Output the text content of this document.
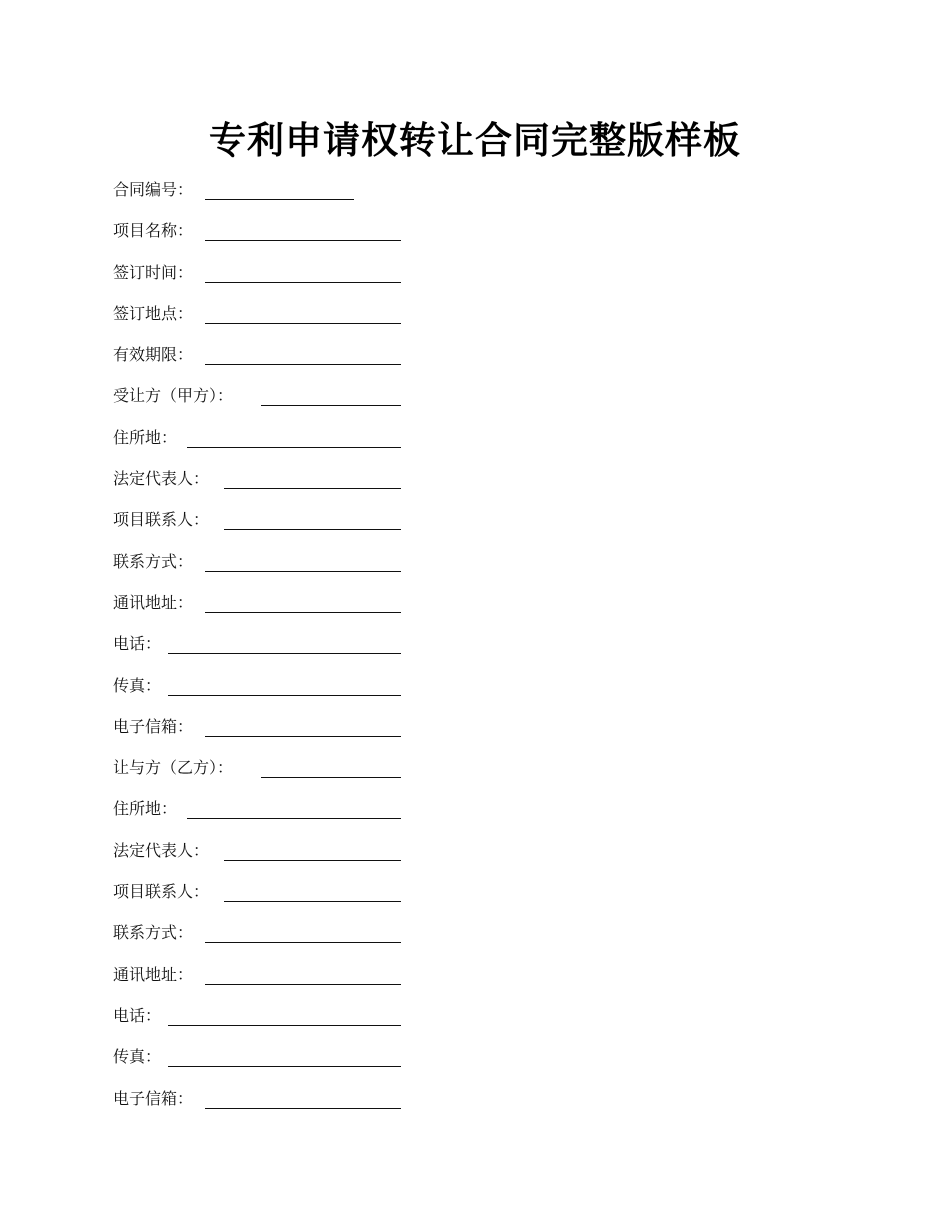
专利申请权转让合同完整版样板
合同编号：
项目名称：
签订时间：
签订地点：
有效期限：
受让方（甲方）：
住所地：
法定代表人：
项目联系人：
联系方式：
通讯地址：
电话：
传真：
电子信箱：
让与方（乙方）：
住所地：
法定代表人：
项目联系人：
联系方式：
通讯地址：
电话：
传真：
电子信箱：
